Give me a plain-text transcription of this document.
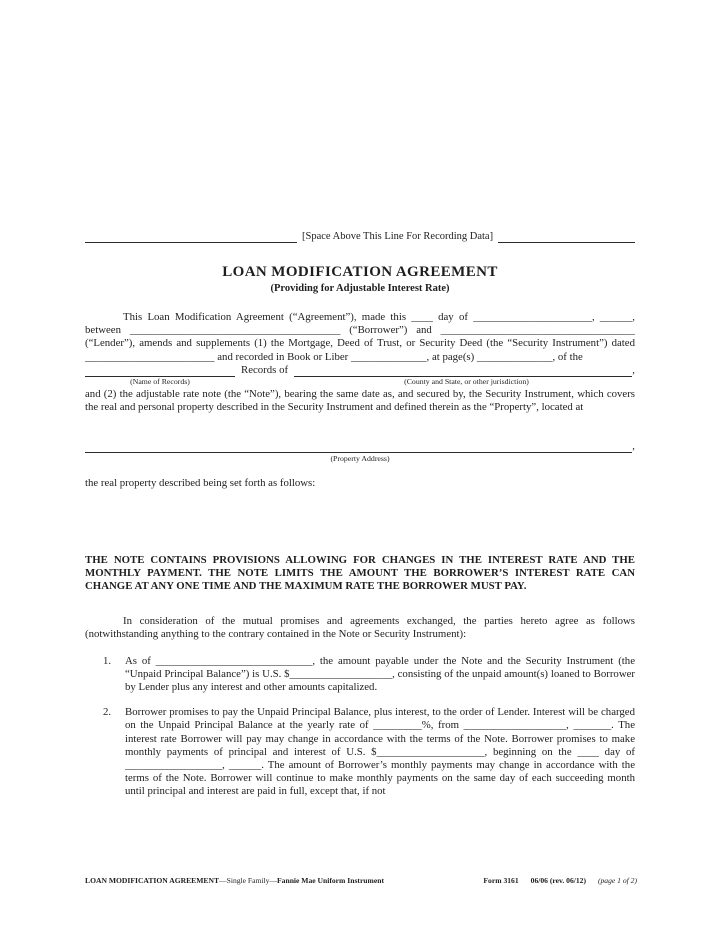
[Space Above This Line For Recording Data]
LOAN MODIFICATION AGREEMENT
(Providing for Adjustable Interest Rate)

This Loan Modification Agreement (“Agreement”), made this ____ day of ______________________, ______, between _______________________________________ (“Borrower”) and ____________________________________ (“Lender”), amends and supplements (1) the Mortgage, Deed of Trust, or Security Deed (the “Security Instrument”) dated ________________________ and recorded in Book or Liber ______________, at page(s) ______________, of the

Records of	,
(Name of Records)	(County and State, or other jurisdiction)

and (2) the adjustable rate note (the “Note”), bearing the same date as, and secured by, the Security Instrument, which covers the real and personal property described in the Security Instrument and defined therein as the “Property”, located at

,
(Property Address)

the real property described being set forth as follows:

THE NOTE CONTAINS PROVISIONS ALLOWING FOR CHANGES IN THE INTEREST RATE AND THE MONTHLY PAYMENT. THE NOTE LIMITS THE AMOUNT THE BORROWER’S INTEREST RATE CAN CHANGE AT ANY ONE TIME AND THE MAXIMUM RATE THE BORROWER MUST PAY.

In consideration of the mutual promises and agreements exchanged, the parties hereto agree as follows (notwithstanding anything to the contrary contained in the Note or Security Instrument):

1.	As of _____________________________, the amount payable under the Note and the Security Instrument (the “Unpaid Principal Balance”) is U.S. $___________________, consisting of the unpaid amount(s) loaned to Borrower by Lender plus any interest and other amounts capitalized.
2.	Borrower promises to pay the Unpaid Principal Balance, plus interest, to the order of Lender. Interest will be charged on the Unpaid Principal Balance at the yearly rate of _________%, from ___________________, _______. The interest rate Borrower will pay may change in accordance with the terms of the Note. Borrower promises to make monthly payments of principal and interest of U.S. $____________________, beginning on the ____ day of __________________, ______. The amount of Borrower’s monthly payments may change in accordance with the terms of the Note. Borrower will continue to make monthly payments on the same day of each succeeding month until principal and interest are paid in full, except that, if not
LOAN MODIFICATION AGREEMENT—Single Family—Fannie Mae Uniform Instrument	Form 3161 06/06 (rev. 06/12) (page 1 of 2)
